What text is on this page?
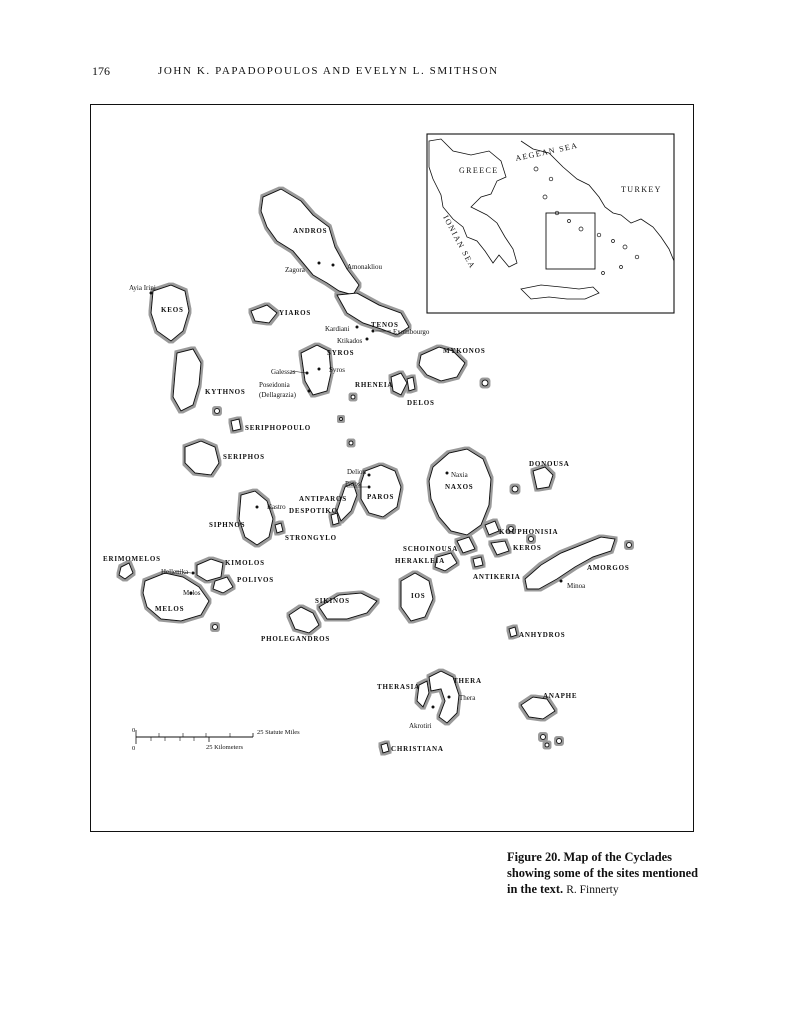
176	JOHN K. PAPADOPOULOS AND EVELYN L. SMITHSON
GREECE
AEGEAN SEA
TURKEY
IONIAN SEA
ANDROS
KEOS	YIAROS
TENOS
SYROS	MYKONOS
KYTHNOS
RHENEIA
DELOS
SERIPHOPOULO
SERIPHOS
DONOUSA
NAXOS
PAROS
ANTIPAROS
DESPOTIKO
SIPHNOS
STRONGYLO
KOUPHONISIA
SCHOINOUSA	KEROS
HERAKLEIA
ANTIKERIA
AMORGOS
ERIMOMELOS	KIMOLOS
POLIVOS
MELOS
SIKINOS
IOS
PHOLEGANDROS	ANHYDROS
THERASIA
THERA
ANAPHE
CHRISTIANA
Zagora	Amonakliou
Ayia Irini
Kardiani	Exombourgo
Ktikados
Galessas	Syros
Poseidonia
(Dellagrazia)
Delion
Paros
Naxia
Kastro
Hellenika
Melos
Minoa
Thera
Akrotiri
0	25 Statute Miles
0	25 Kilometers
Figure 20. Map of the Cyclades showing some of the sites mentioned in the text. R. Finnerty
